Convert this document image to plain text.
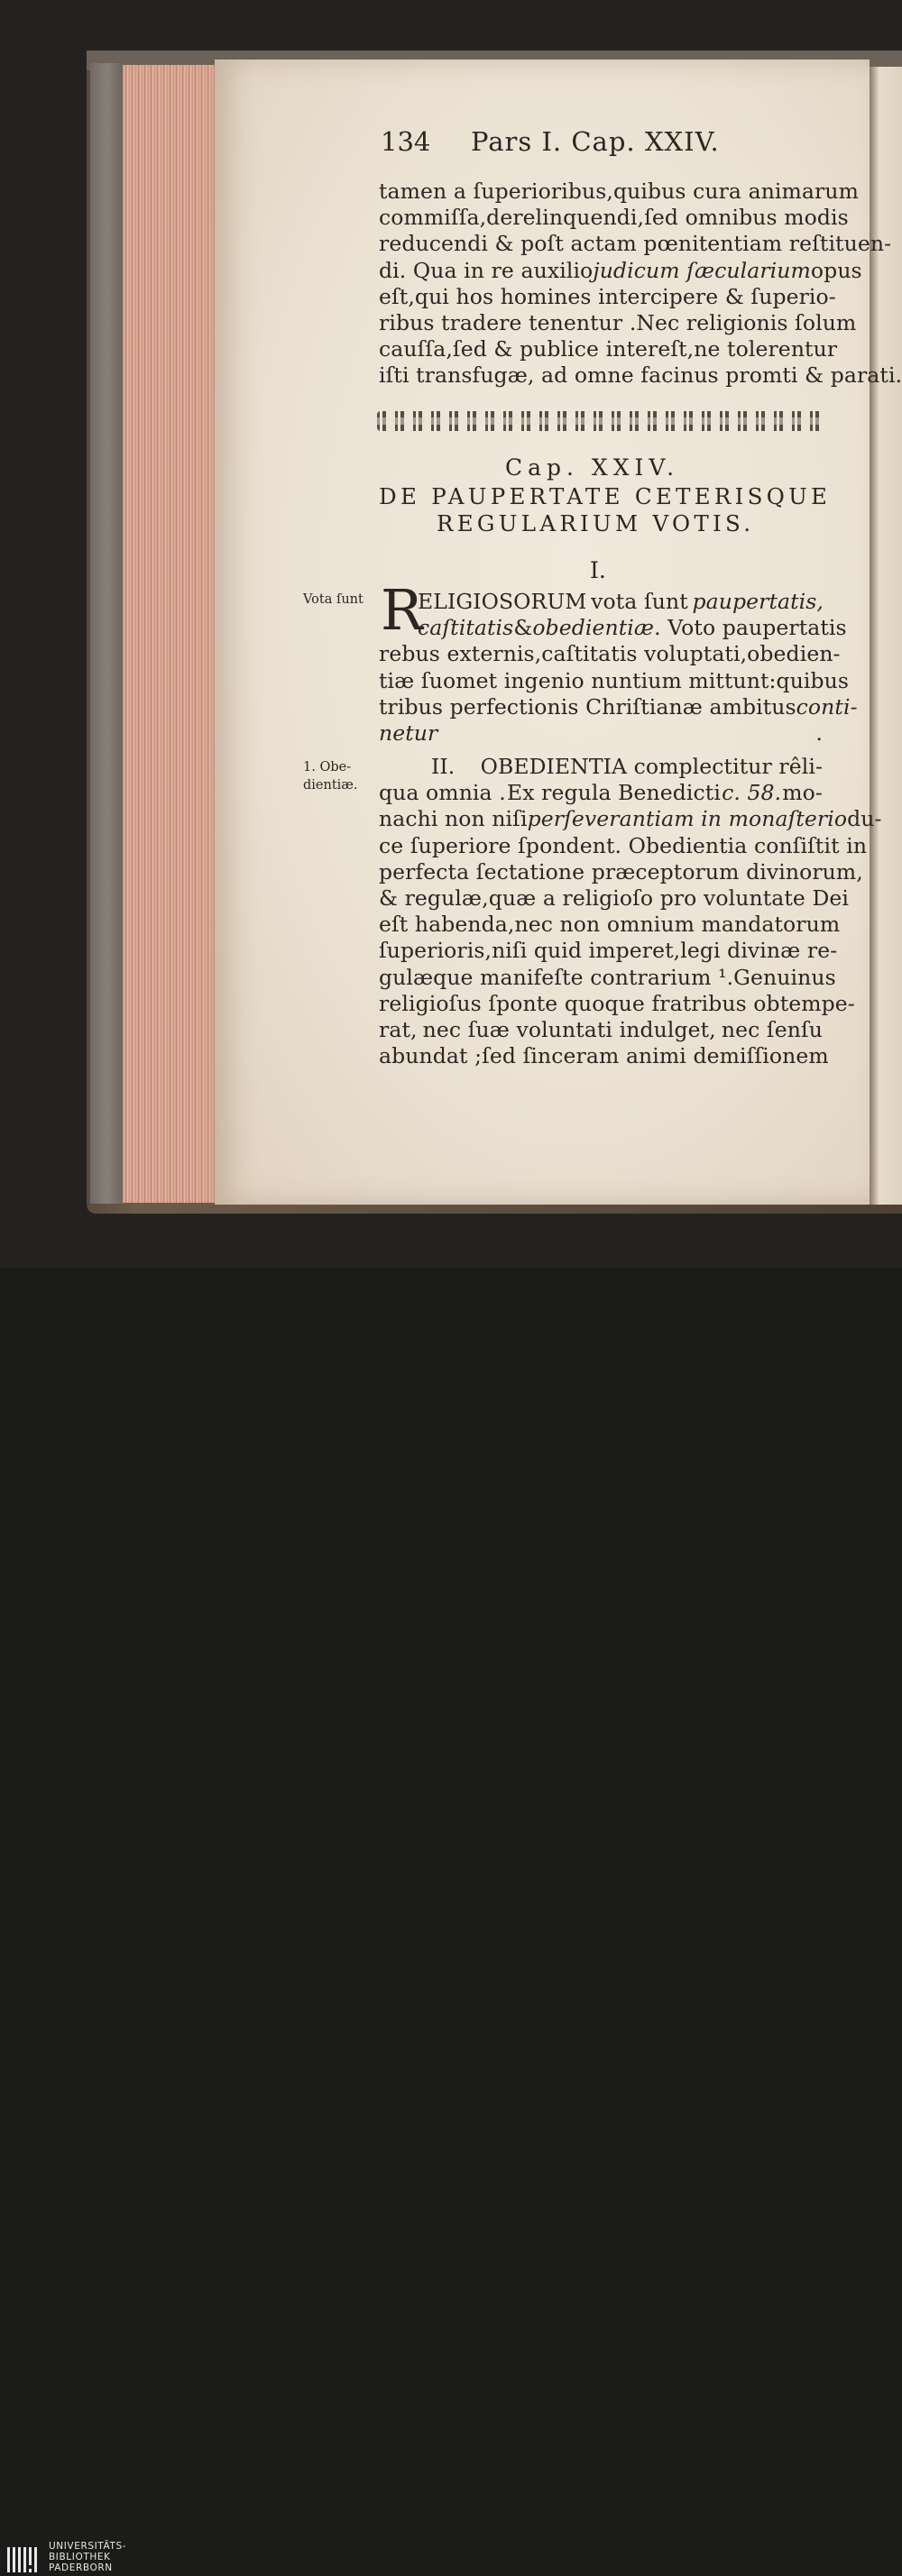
134 Pars I. Cap. XXIV.
tamen a ſuperioribus, quibus cura animarum
commiſſa, derelinquendi, ſed omnibus modis
reducendi & poſt actam pœnitentiam reſtituen-
di. Qua in re auxilio judicum ſæcularium opus
eſt, qui hos homines intercipere & ſuperio-
ribus tradere tenentur . Nec religionis ſolum
cauſſa, ſed & publice intereſt, ne tolerentur
iſti transfugæ, ad omne facinus promti & parati.
Cap. XXIV.
DE PAUPERTATE CETERISQUE
REGULARIUM VOTIS.
I.
Vota ſunt R
ELIGIOSORUM vota ſunt paupertatis,
caſtitatis & obedientiæ . Voto paupertatis
rebus externis, caſtitatis voluptati, obedien-
tiæ ſuomet ingenio nuntium mittunt: quibus
tribus perfectionis Chriſtianæ ambitus conti-
netur	.
1. Obe-
dientiæ.
II. OBEDIENTIA complectitur rêli-
qua omnia . Ex regula Benedicti c. 58. mo-
nachi non niſi perſeverantiam in monaſterio du-
ce ſuperiore ſpondent. Obedientia conſiſtit in
perfecta ſectatione præceptorum divinorum,
& regulæ, quæ a religioſo pro voluntate Dei
eſt habenda, nec non omnium mandatorum
ſuperioris, niſi quid imperet, legi divinæ re-
gulæque manifeſte contrarium ¹. Genuinus
religioſus ſponte quoque fratribus obtempe-
rat, nec ſuæ voluntati indulget, nec ſenſu
abundat ; ſed ſinceram animi demiſſionem
UNIVERSITÄTS-
BIBLIOTHEK
PADERBORN
